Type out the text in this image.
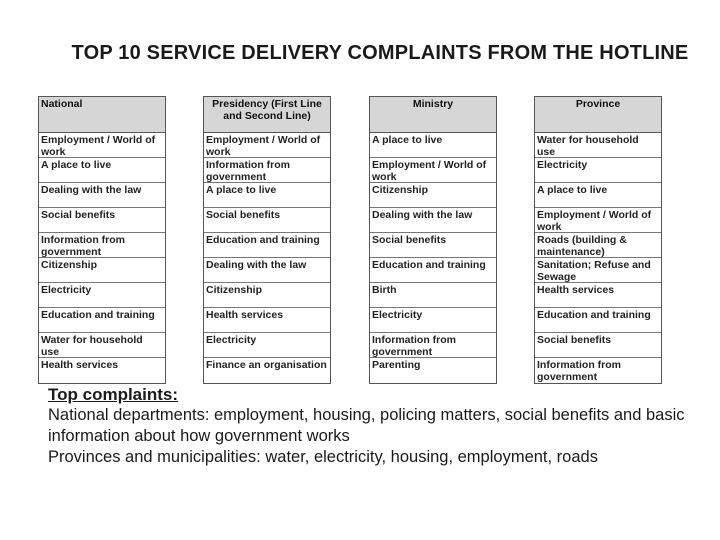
TOP 10 SERVICE DELIVERY COMPLAINTS FROM THE HOTLINE
National
Employment / World of work
A place to live
Dealing with the law
Social benefits
Information from government
Citizenship
Electricity
Education and training
Water for household use
Health services
Presidency (First Line and Second Line)
Employment / World of work
Information from government
A place to live
Social benefits
Education and training
Dealing with the law
Citizenship
Health services
Electricity
Finance an organisation
Ministry
A place to live
Employment / World of work
Citizenship
Dealing with the law
Social benefits
Education and training
Birth
Electricity
Information from government
Parenting
Province
Water for household use
Electricity
A place to live
Employment / World of work
Roads (building & maintenance)
Sanitation; Refuse and Sewage
Health services
Education and training
Social benefits
Information from government
Top complaints:

National departments: employment, housing, policing matters, social benefits and basic information about how government works

Provinces and municipalities: water, electricity, housing, employment, roads
